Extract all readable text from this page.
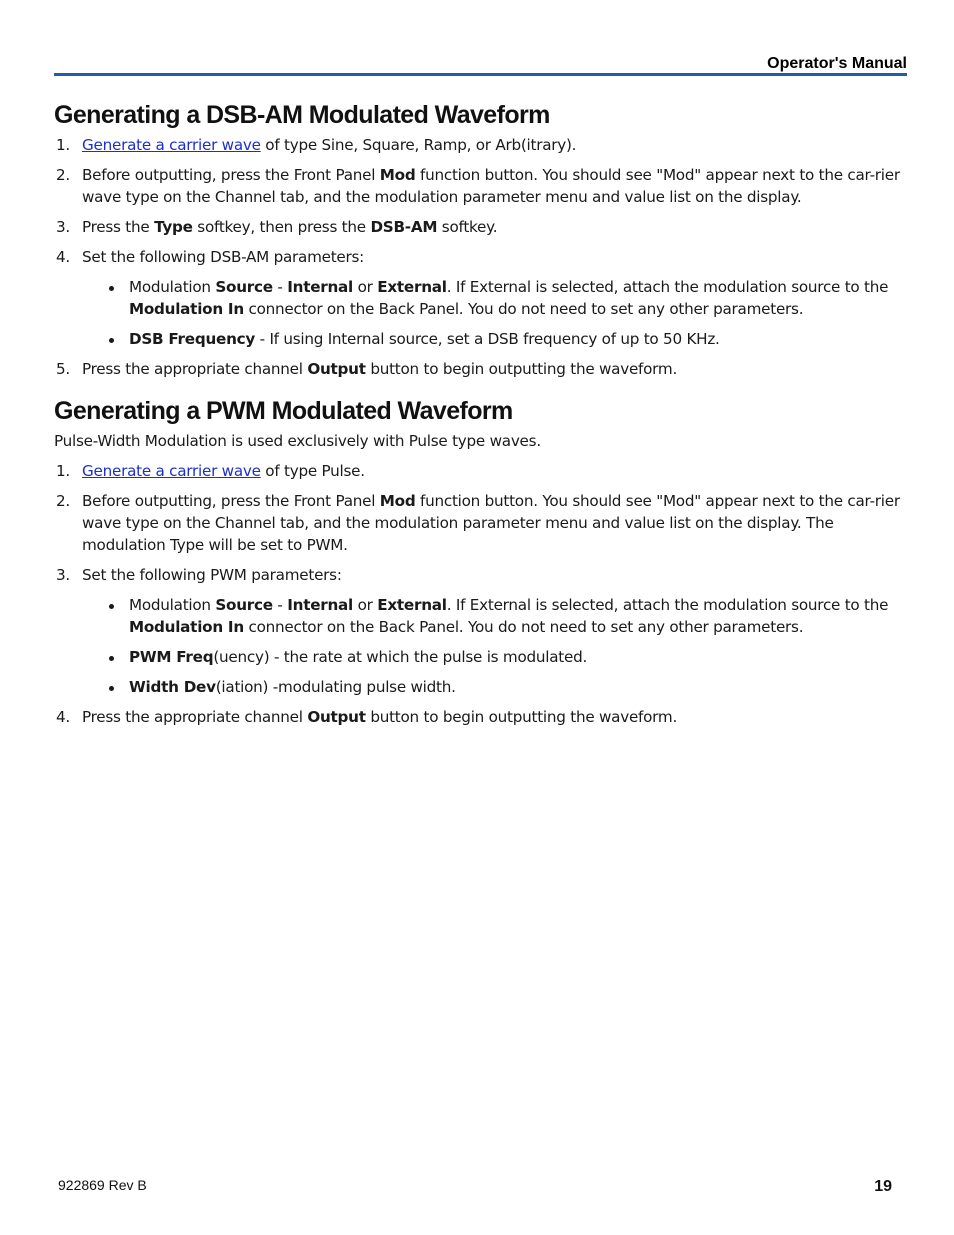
Operator's Manual
Generating a DSB-AM Modulated Waveform
1. Generate a carrier wave of type Sine, Square, Ramp, or Arb(itrary).
2. Before outputting, press the Front Panel Mod function button. You should see "Mod" appear next to the car-rier wave type on the Channel tab, and the modulation parameter menu and value list on the display.
3. Press the Type softkey, then press the DSB-AM softkey.
4. Set the following DSB-AM parameters:
Modulation Source - Internal or External. If External is selected, attach the modulation source to the Modulation In connector on the Back Panel. You do not need to set any other parameters.
DSB Frequency - If using Internal source, set a DSB frequency of up to 50 KHz.
5. Press the appropriate channel Output button to begin outputting the waveform.
Generating a PWM Modulated Waveform

Pulse-Width Modulation is used exclusively with Pulse type waves.

1. Generate a carrier wave of type Pulse.
2. Before outputting, press the Front Panel Mod function button. You should see "Mod" appear next to the car-rier wave type on the Channel tab, and the modulation parameter menu and value list on the display. The modulation Type will be set to PWM.
3. Set the following PWM parameters:
Modulation Source - Internal or External. If External is selected, attach the modulation source to the Modulation In connector on the Back Panel. You do not need to set any other parameters.
PWM Freq(uency) - the rate at which the pulse is modulated.
Width Dev(iation) -modulating pulse width.
4. Press the appropriate channel Output button to begin outputting the waveform.
922869 Rev B	19
